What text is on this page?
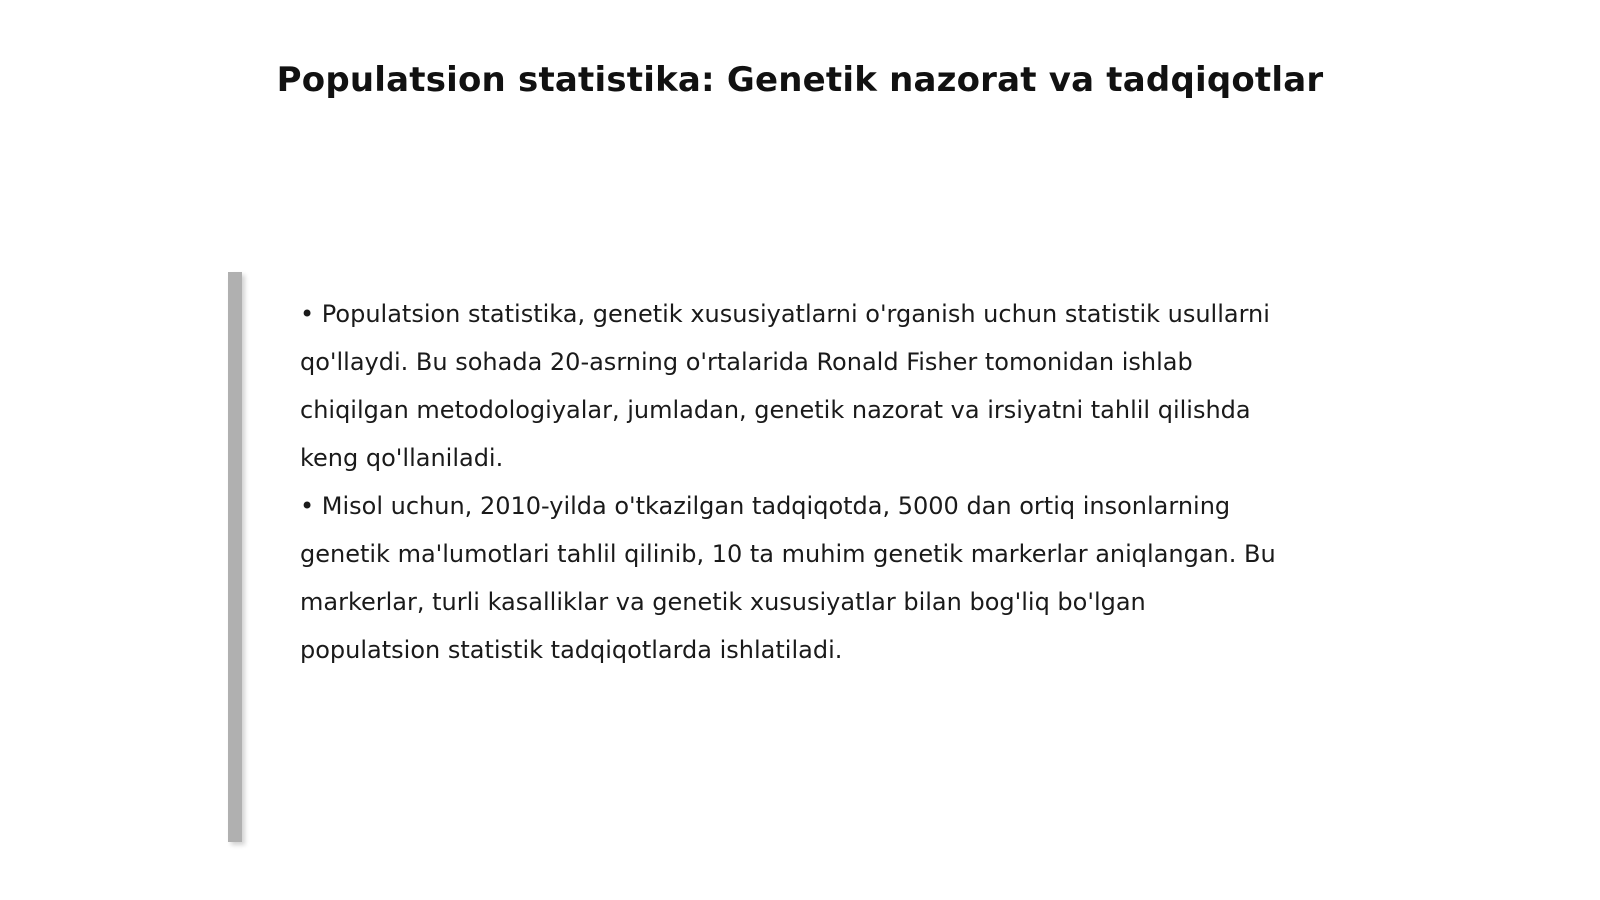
Populatsion statistika: Genetik nazorat va tadqiqotlar
• Populatsion statistika, genetik xususiyatlarni o'rganish uchun statistik usullarni qo'llaydi. Bu sohada 20-asrning o'rtalarida Ronald Fisher tomonidan ishlab chiqilgan metodologiyalar, jumladan, genetik nazorat va irsiyatni tahlil qilishda keng qo'llaniladi.
• Misol uchun, 2010-yilda o'tkazilgan tadqiqotda, 5000 dan ortiq insonlarning genetik ma'lumotlari tahlil qilinib, 10 ta muhim genetik markerlar aniqlangan. Bu markerlar, turli kasalliklar va genetik xususiyatlar bilan bog'liq bo'lgan populatsion statistik tadqiqotlarda ishlatiladi.
